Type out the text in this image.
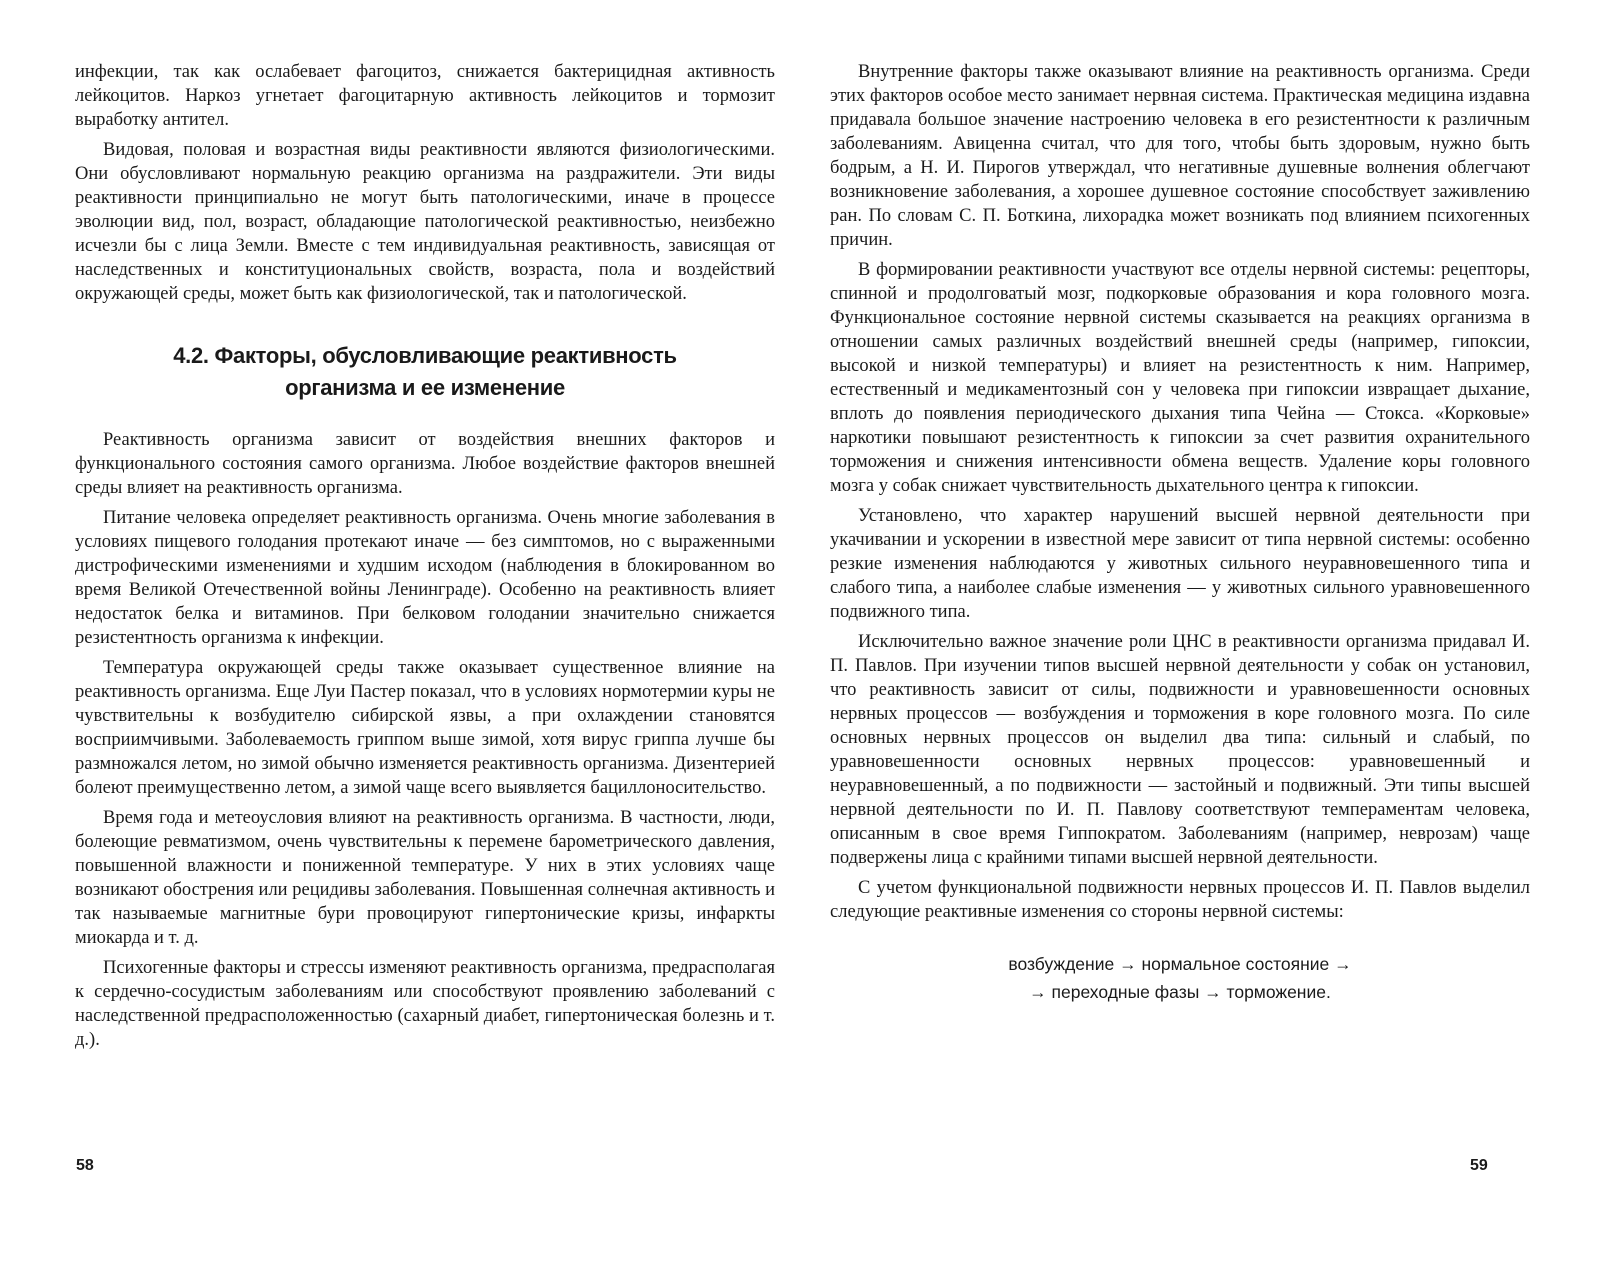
инфекции, так как ослабевает фагоцитоз, снижается бактерицидная активность лейкоцитов. Наркоз угнетает фагоцитарную активность лейкоцитов и тормозит выработку антител.

Видовая, половая и возрастная виды реактивности являются физиологическими. Они обусловливают нормальную реакцию организма на раздражители. Эти виды реактивности принципиально не могут быть патологическими, иначе в процессе эволюции вид, пол, возраст, обладающие патологической реактивностью, неизбежно исчезли бы с лица Земли. Вместе с тем индивидуальная реактивность, зависящая от наследственных и конституциональных свойств, возраста, пола и воздействий окружающей среды, может быть как физиологической, так и патологической.

4.2. Факторы, обусловливающие реактивность
организма и ее изменение

Реактивность организма зависит от воздействия внешних факторов и функционального состояния самого организма. Любое воздействие факторов внешней среды влияет на реактивность организма.

Питание человека определяет реактивность организма. Очень многие заболевания в условиях пищевого голодания протекают иначе — без симптомов, но с выраженными дистрофическими изменениями и худшим исходом (наблюдения в блокированном во время Великой Отечественной войны Ленинграде). Особенно на реактивность влияет недостаток белка и витаминов. При белковом голодании значительно снижается резистентность организма к инфекции.

Температура окружающей среды также оказывает существенное влияние на реактивность организма. Еще Луи Пастер показал, что в условиях нормотермии куры не чувствительны к возбудителю сибирской язвы, а при охлаждении становятся восприимчивыми. Заболеваемость гриппом выше зимой, хотя вирус гриппа лучше бы размножался летом, но зимой обычно изменяется реактивность организма. Дизентерией болеют преимущественно летом, а зимой чаще всего выявляется бациллоносительство.

Время года и метеоусловия влияют на реактивность организма. В частности, люди, болеющие ревматизмом, очень чувствительны к перемене барометрического давления, повышенной влажности и пониженной температуре. У них в этих условиях чаще возникают обострения или рецидивы заболевания. Повышенная солнечная активность и так называемые магнитные бури провоцируют гипертонические кризы, инфаркты миокарда и т. д.

Психогенные факторы и стрессы изменяют реактивность организма, предрасполагая к сердечно-сосудистым заболеваниям или способствуют проявлению заболеваний с наследственной предрасположенностью (сахарный диабет, гипертоническая болезнь и т. д.).

58

Внутренние факторы также оказывают влияние на реактивность организма. Среди этих факторов особое место занимает нервная система. Практическая медицина издавна придавала большое значение настроению человека в его резистентности к различным заболеваниям. Авиценна считал, что для того, чтобы быть здоровым, нужно быть бодрым, а Н. И. Пирогов утверждал, что негативные душевные волнения облегчают возникновение заболевания, а хорошее душевное состояние способствует заживлению ран. По словам С. П. Боткина, лихорадка может возникать под влиянием психогенных причин.

В формировании реактивности участвуют все отделы нервной системы: рецепторы, спинной и продолговатый мозг, подкорковые образования и кора головного мозга. Функциональное состояние нервной системы сказывается на реакциях организма в отношении самых различных воздействий внешней среды (например, гипоксии, высокой и низкой температуры) и влияет на резистентность к ним. Например, естественный и медикаментозный сон у человека при гипоксии извращает дыхание, вплоть до появления периодического дыхания типа Чейна — Стокса. «Корковые» наркотики повышают резистентность к гипоксии за счет развития охранительного торможения и снижения интенсивности обмена веществ. Удаление коры головного мозга у собак снижает чувствительность дыхательного центра к гипоксии.

Установлено, что характер нарушений высшей нервной деятельности при укачивании и ускорении в известной мере зависит от типа нервной системы: особенно резкие изменения наблюдаются у животных сильного неуравновешенного типа и слабого типа, а наиболее слабые изменения — у животных сильного уравновешенного подвижного типа.

Исключительно важное значение роли ЦНС в реактивности организма придавал И. П. Павлов. При изучении типов высшей нервной деятельности у собак он установил, что реактивность зависит от силы, подвижности и уравновешенности основных нервных процессов — возбуждения и торможения в коре головного мозга. По силе основных нервных процессов он выделил два типа: сильный и слабый, по уравновешенности основных нервных процессов: уравновешенный и неуравновешенный, а по подвижности — застойный и подвижный. Эти типы высшей нервной деятельности по И. П. Павлову соответствуют темпераментам человека, описанным в свое время Гиппократом. Заболеваниям (например, неврозам) чаще подвержены лица с крайними типами высшей нервной деятельности.

С учетом функциональной подвижности нервных процессов И. П. Павлов выделил следующие реактивные изменения со стороны нервной системы:

возбуждение → нормальное состояние →
→ переходные фазы → торможение.
59
